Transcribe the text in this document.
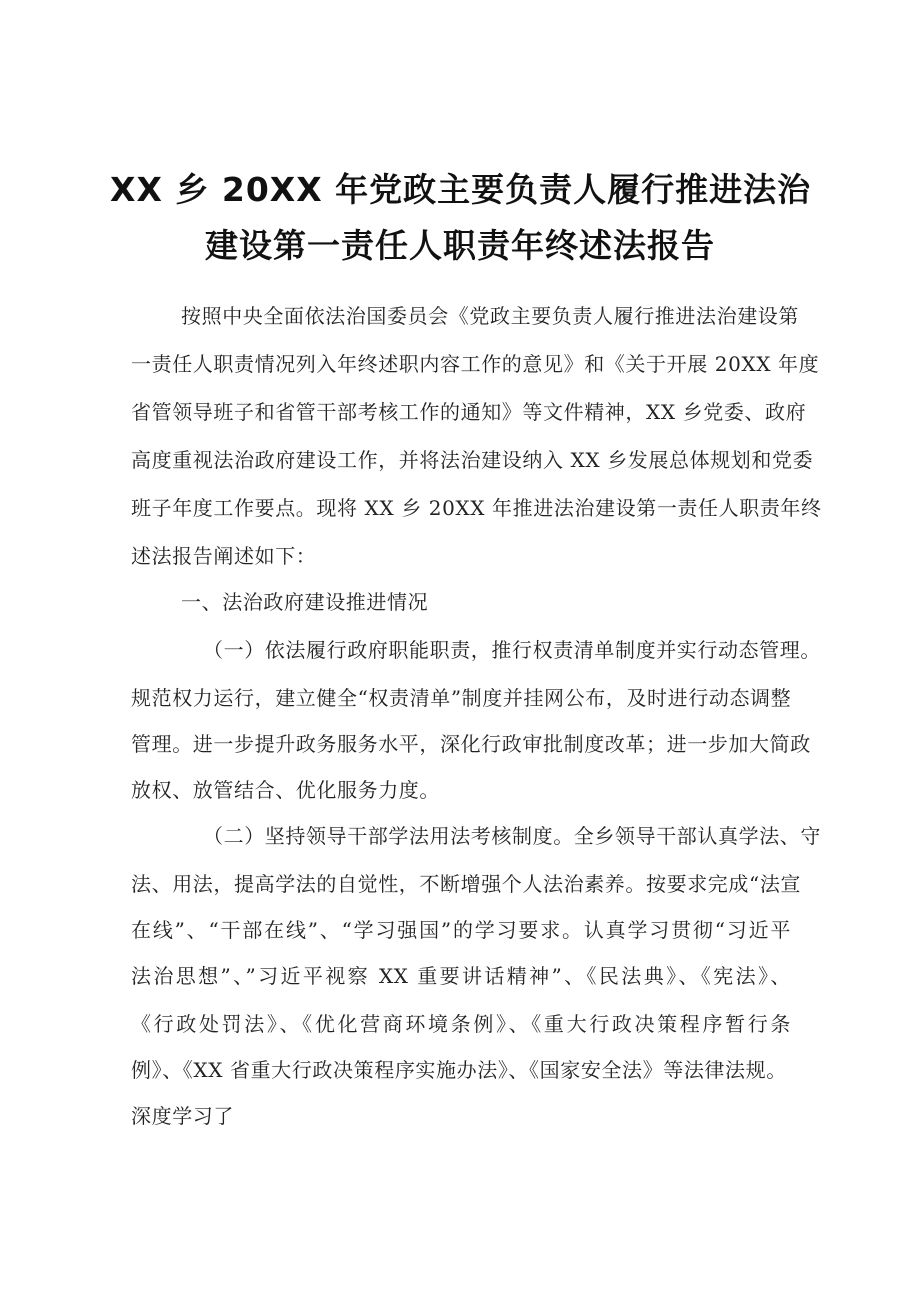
XX 乡 20XX 年党政主要负责人履行推进法治
建设第一责任人职责年终述法报告
按照中央全面依法治国委员会《党政主要负责人履行推进法治建设第
一责任人职责情况列入年终述职内容工作的意见》和《关于开展 20XX 年度
省管领导班子和省管干部考核工作的通知》等文件精神，XX 乡党委、政府
高度重视法治政府建设工作，并将法治建设纳入 XX 乡发展总体规划和党委
班子年度工作要点。现将 XX 乡 20XX 年推进法治建设第一责任人职责年终
述法报告阐述如下：
一、法治政府建设推进情况
（一）依法履行政府职能职责，推行权责清单制度并实行动态管理。
规范权力运行，建立健全“权责清单”制度并挂网公布，及时进行动态调整
管理。进一步提升政务服务水平，深化行政审批制度改革；进一步加大简政
放权、放管结合、优化服务力度。
（二）坚持领导干部学法用法考核制度。全乡领导干部认真学法、守
法、用法，提高学法的自觉性，不断增强个人法治素养。按要求完成“法宣
在线”、“干部在线”、“学习强国”的学习要求。认真学习贯彻“习近平
法治思想”、”习近平视察 XX 重要讲话精神”、《民法典》、《宪法》、
《行政处罚法》、《优化营商环境条例》、《重大行政决策程序暂行条
例》、《XX 省重大行政决策程序实施办法》、《国家安全法》等法律法规。
深度学习了
